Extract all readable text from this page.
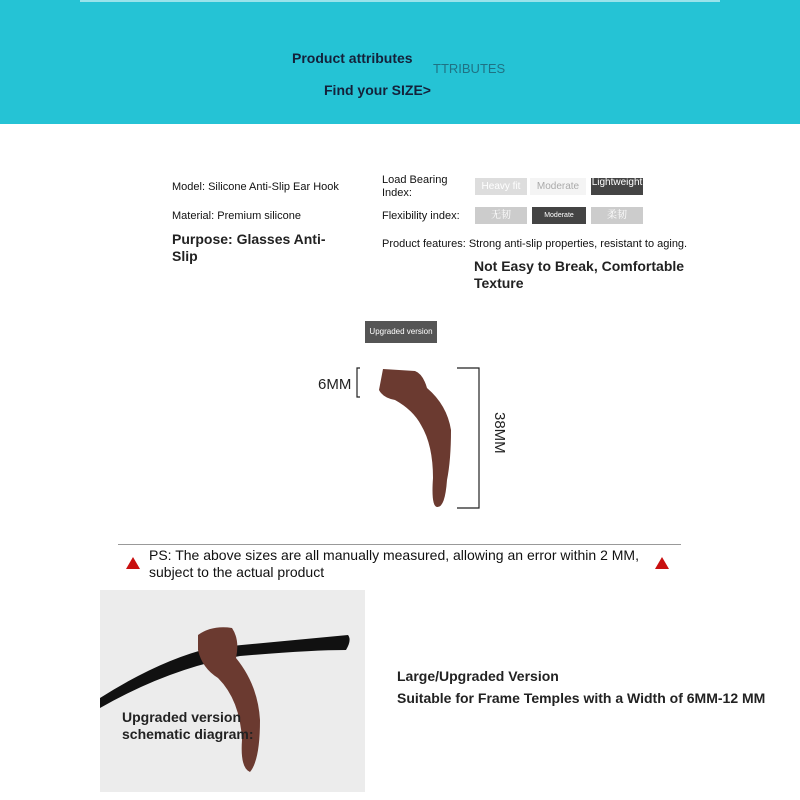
Product attributes
TTRIBUTES
Find your SIZE>
Model: Silicone Anti-Slip Ear Hook
Material: Premium silicone
Purpose: Glasses Anti-Slip
Load Bearing Index:
Heavy fit	Moderate	Lightweight
Flexibility index:	无韧	Moderate	柔韧
Product features: Strong anti-slip properties, resistant to aging.
Not Easy to Break, Comfortable Texture
Upgraded version
6MM
38MM
PS: The above sizes are all manually measured, allowing an error within 2 MM, subject to the actual product
Upgraded version schematic diagram:
Large/Upgraded Version
Suitable for Frame Temples with a Width of 6MM-12 MM
